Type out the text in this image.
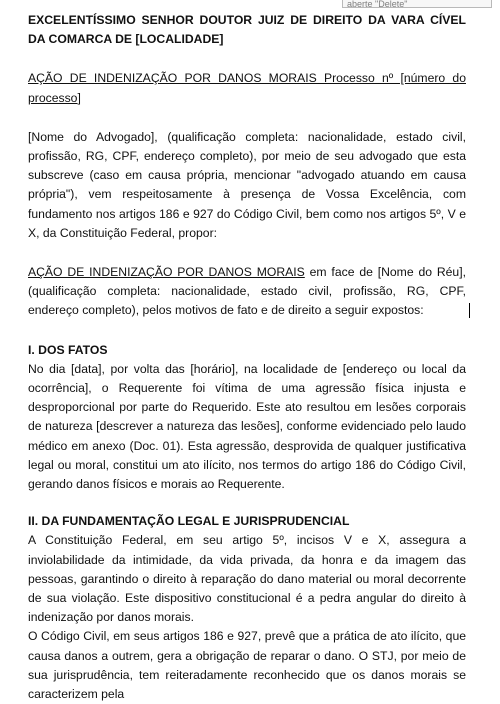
aberte "Delete"

EXCELENTÍSSIMO SENHOR DOUTOR JUIZ DE DIREITO DA VARA CÍVEL DA COMARCA DE [LOCALIDADE]

AÇÃO DE INDENIZAÇÃO POR DANOS MORAIS Processo nº [número do processo]

[Nome do Advogado], (qualificação completa: nacionalidade, estado civil, profissão, RG, CPF, endereço completo), por meio de seu advogado que esta subscreve (caso em causa própria, mencionar "advogado atuando em causa própria"), vem respeitosamente à presença de Vossa Excelência, com fundamento nos artigos 186 e 927 do Código Civil, bem como nos artigos 5º, V e X, da Constituição Federal, propor:

AÇÃO DE INDENIZAÇÃO POR DANOS MORAIS em face de [Nome do Réu], (qualificação completa: nacionalidade, estado civil, profissão, RG, CPF, endereço completo), pelos motivos de fato e de direito a seguir expostos:

I. DOS FATOS

No dia [data], por volta das [horário], na localidade de [endereço ou local da ocorrência], o Requerente foi vítima de uma agressão física injusta e desproporcional por parte do Requerido. Este ato resultou em lesões corporais de natureza [descrever a natureza das lesões], conforme evidenciado pelo laudo médico em anexo (Doc. 01). Esta agressão, desprovida de qualquer justificativa legal ou moral, constitui um ato ilícito, nos termos do artigo 186 do Código Civil, gerando danos físicos e morais ao Requerente.

II. DA FUNDAMENTAÇÃO LEGAL E JURISPRUDENCIAL

A Constituição Federal, em seu artigo 5º, incisos V e X, assegura a inviolabilidade da intimidade, da vida privada, da honra e da imagem das pessoas, garantindo o direito à reparação do dano material ou moral decorrente de sua violação. Este dispositivo constitucional é a pedra angular do direito à indenização por danos morais.

O Código Civil, em seus artigos 186 e 927, prevê que a prática de ato ilícito, que causa danos a outrem, gera a obrigação de reparar o dano. O STJ, por meio de sua jurisprudência, tem reiteradamente reconhecido que os danos morais se caracterizem pela
